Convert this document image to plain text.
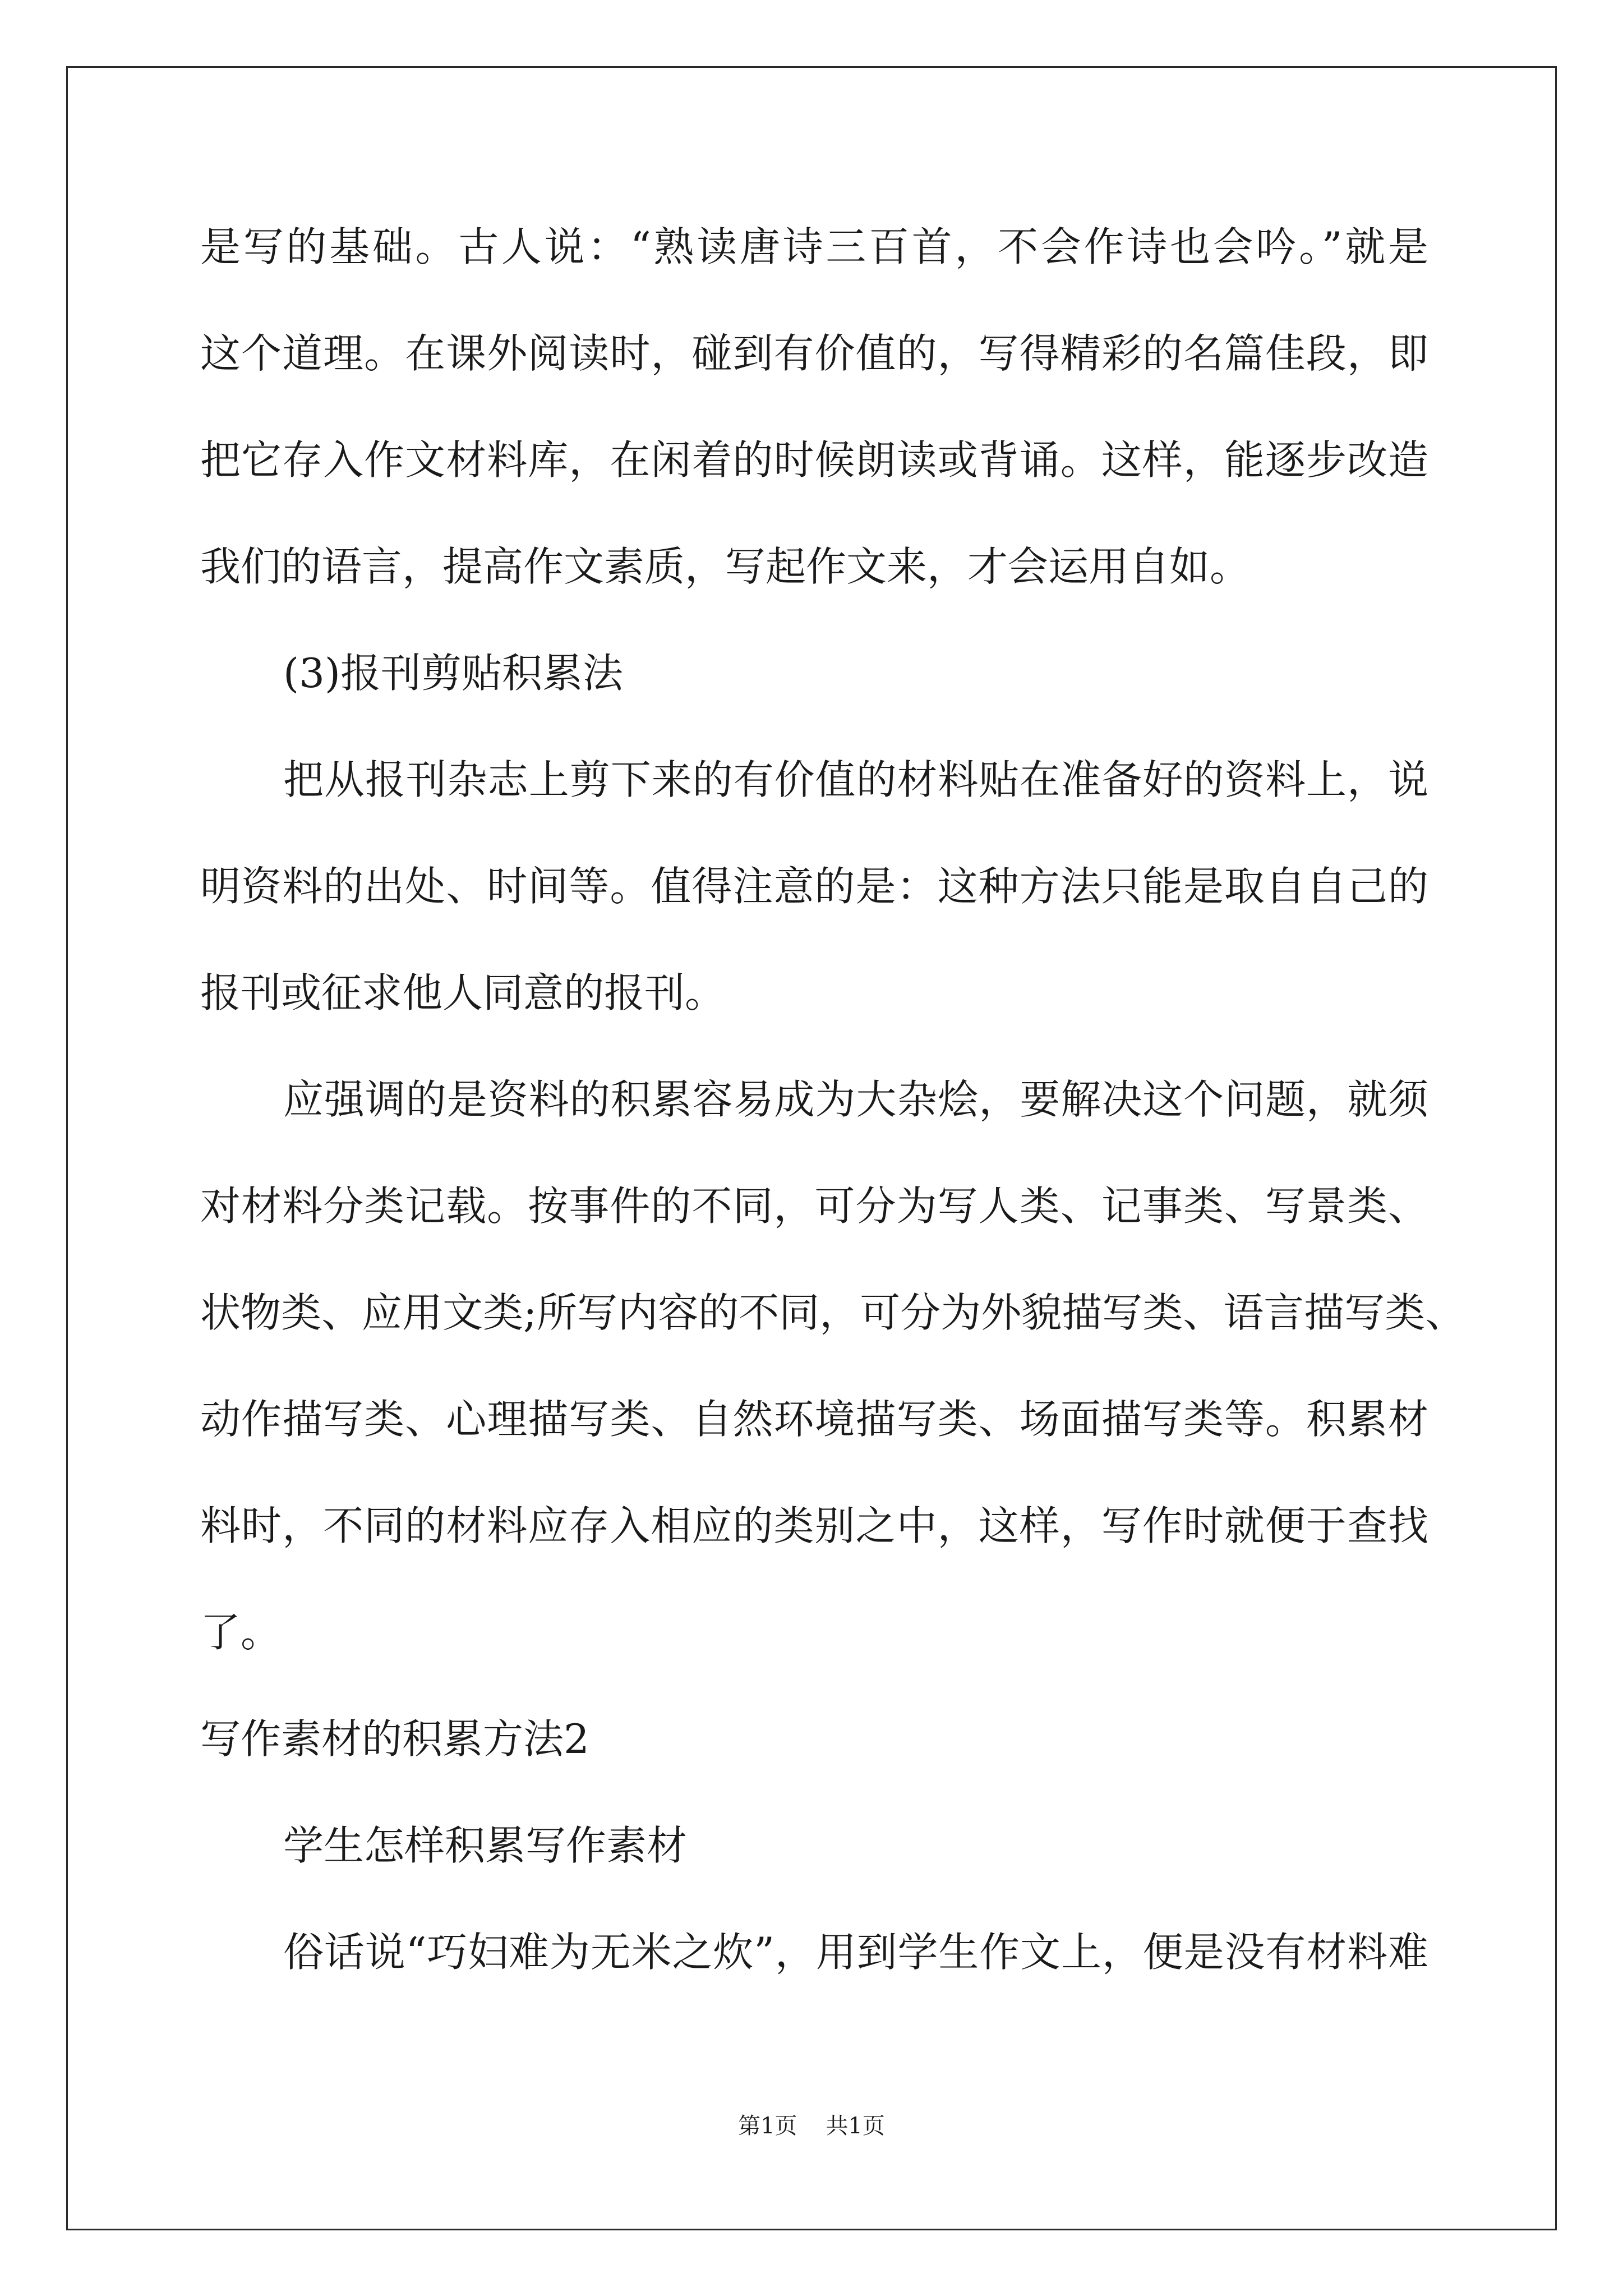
是写的基础。古人说：“熟读唐诗三百首，不会作诗也会吟。”就是
这个道理。在课外阅读时，碰到有价值的，写得精彩的名篇佳段，即
把它存入作文材料库，在闲着的时候朗读或背诵。这样，能逐步改造
我们的语言，提高作文素质，写起作文来，才会运用自如。
(3)报刊剪贴积累法
把从报刊杂志上剪下来的有价值的材料贴在准备好的资料上，说
明资料的出处、时间等。值得注意的是：这种方法只能是取自自己的
报刊或征求他人同意的报刊。
应强调的是资料的积累容易成为大杂烩，要解决这个问题，就须
对材料分类记载。按事件的不同，可分为写人类、记事类、写景类、
状物类、应用文类;所写内容的不同，可分为外貌描写类、语言描写类、
动作描写类、心理描写类、自然环境描写类、场面描写类等。积累材
料时，不同的材料应存入相应的类别之中，这样，写作时就便于查找
了。
写作素材的积累方法2
学生怎样积累写作素材
俗话说“巧妇难为无米之炊”，用到学生作文上，便是没有材料难
第1页 共1页
